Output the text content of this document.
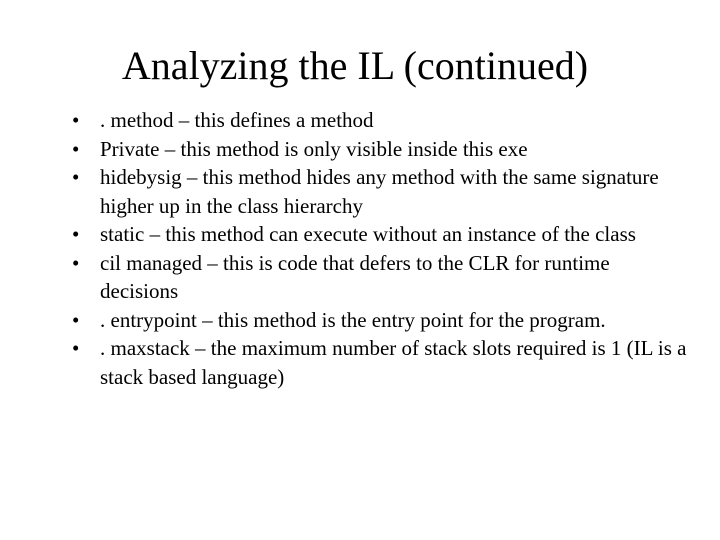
Analyzing the IL (continued)
• . method – this defines a method
• Private – this method is only visible inside this exe
• hidebysig – this method hides any method with the same signature higher up in the class hierarchy
• static – this method can execute without an instance of the class
• cil managed – this is code that defers to the CLR for runtime decisions
• . entrypoint – this method is the entry point for the program.
• . maxstack – the maximum number of stack slots required is 1 (IL is a stack based language)
